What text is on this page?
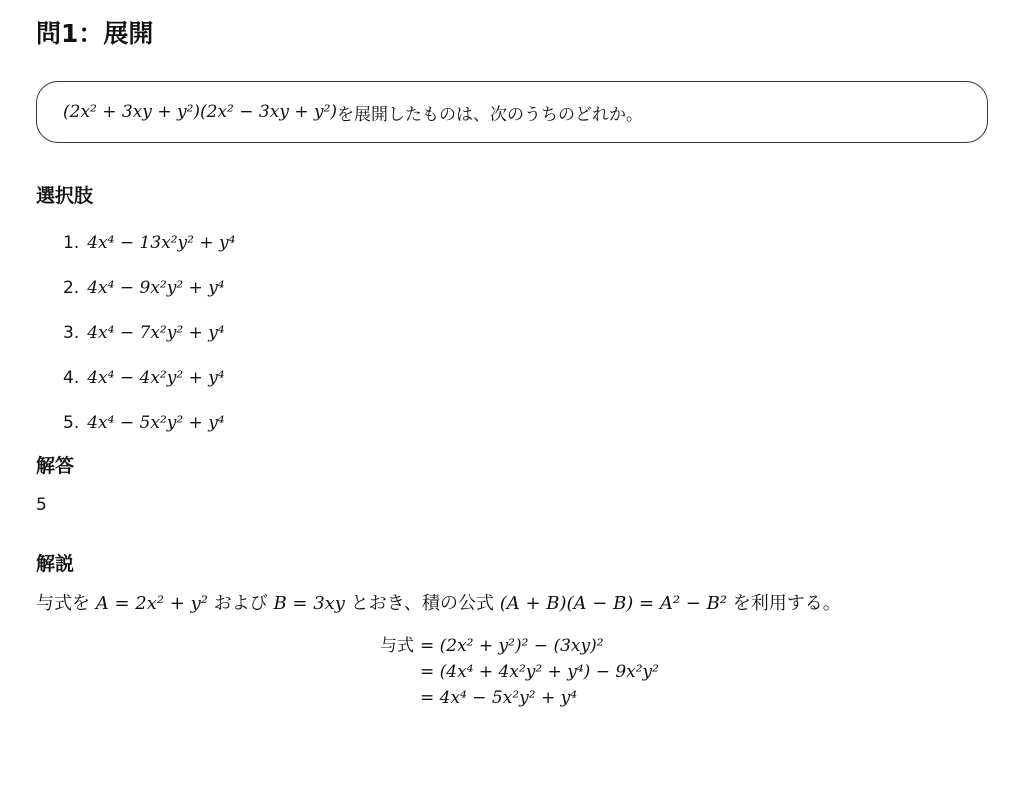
問1：展開
(2x² + 3xy + y²)(2x² − 3xy + y²) を展開したものは、次のうちのどれか。
選択肢
1. 4x⁴ − 13x²y² + y⁴
2. 4x⁴ − 9x²y² + y⁴
3. 4x⁴ − 7x²y² + y⁴
4. 4x⁴ − 4x²y² + y⁴
5. 4x⁴ − 5x²y² + y⁴
解答
5
解説
与式を A = 2x² + y² および B = 3xy とおき、積の公式 (A + B)(A − B) = A² − B² を利用する。
与式 = (2x² + y²)² − (3xy)²
= (4x⁴ + 4x²y² + y⁴) − 9x²y²
= 4x⁴ − 5x²y² + y⁴
